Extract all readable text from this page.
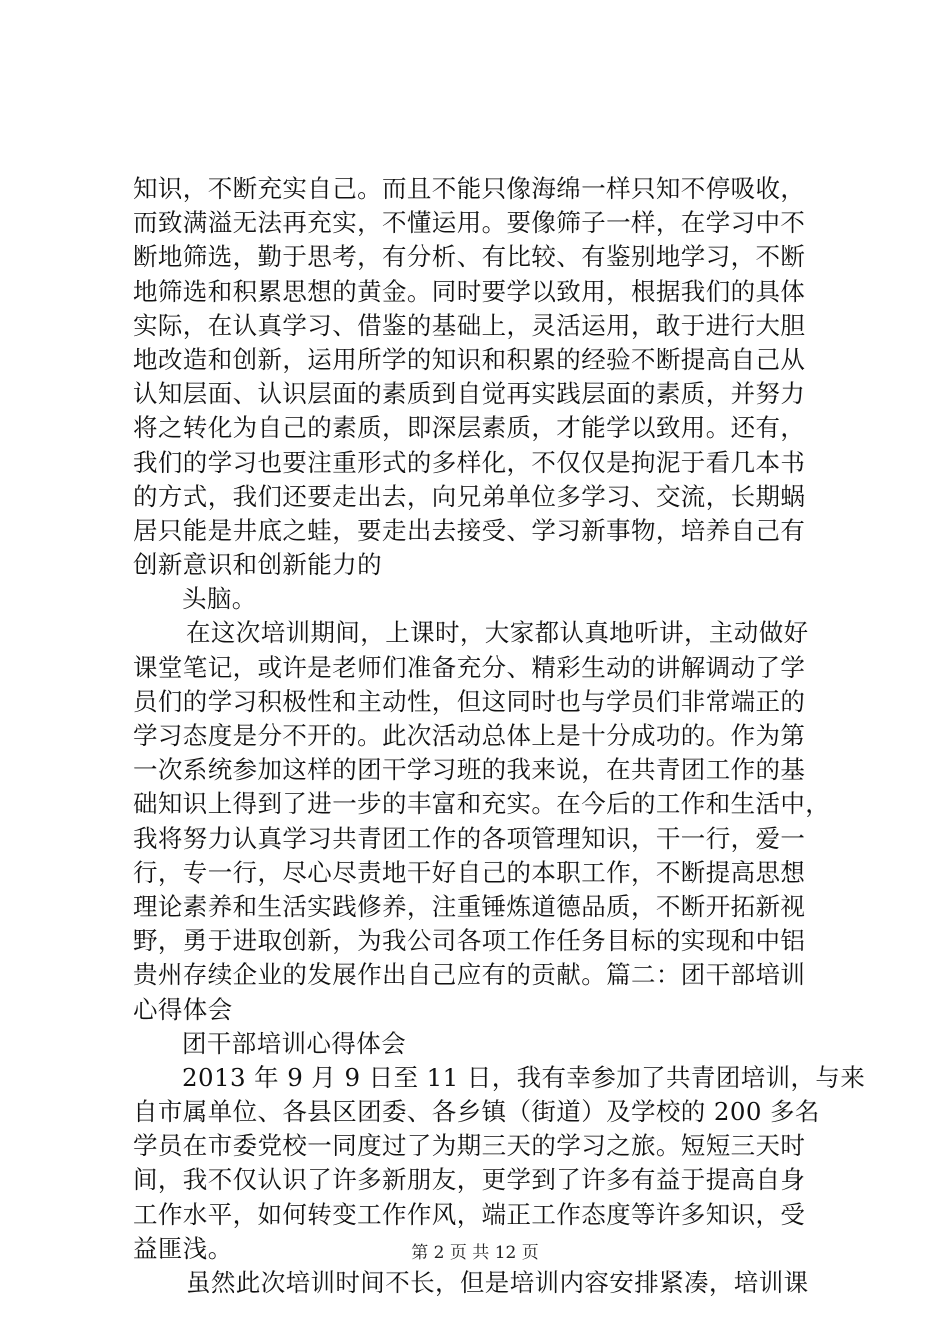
知识，不断充实自己。而且不能只像海绵一样只知不停吸收，
而致满溢无法再充实，不懂运用。要像筛子一样，在学习中不
断地筛选，勤于思考，有分析、有比较、有鉴别地学习，不断
地筛选和积累思想的黄金。同时要学以致用，根据我们的具体
实际，在认真学习、借鉴的基础上，灵活运用，敢于进行大胆
地改造和创新，运用所学的知识和积累的经验不断提高自己从
认知层面、认识层面的素质到自觉再实践层面的素质，并努力
将之转化为自己的素质，即深层素质，才能学以致用。还有，
我们的学习也要注重形式的多样化，不仅仅是拘泥于看几本书
的方式，我们还要走出去，向兄弟单位多学习、交流，长期蜗
居只能是井底之蛙，要走出去接受、学习新事物，培养自己有
创新意识和创新能力的
头脑。
在这次培训期间，上课时，大家都认真地听讲，主动做好
课堂笔记，或许是老师们准备充分、精彩生动的讲解调动了学
员们的学习积极性和主动性，但这同时也与学员们非常端正的
学习态度是分不开的。此次活动总体上是十分成功的。作为第
一次系统参加这样的团干学习班的我来说，在共青团工作的基
础知识上得到了进一步的丰富和充实。在今后的工作和生活中，
我将努力认真学习共青团工作的各项管理知识，干一行，爱一
行，专一行，尽心尽责地干好自己的本职工作，不断提高思想
理论素养和生活实践修养，注重锤炼道德品质，不断开拓新视
野，勇于进取创新，为我公司各项工作任务目标的实现和中铝
贵州存续企业的发展作出自己应有的贡献。篇二：团干部培训
心得体会
团干部培训心得体会
2013 年 9 月 9 日至 11 日，我有幸参加了共青团培训，与来
自市属单位、各县区团委、各乡镇（街道）及学校的 200 多名
学员在市委党校一同度过了为期三天的学习之旅。短短三天时
间，我不仅认识了许多新朋友，更学到了许多有益于提高自身
工作水平，如何转变工作作风，端正工作态度等许多知识，受
益匪浅。
虽然此次培训时间不长，但是培训内容安排紧凑，培训课
第 2 页 共 12 页
